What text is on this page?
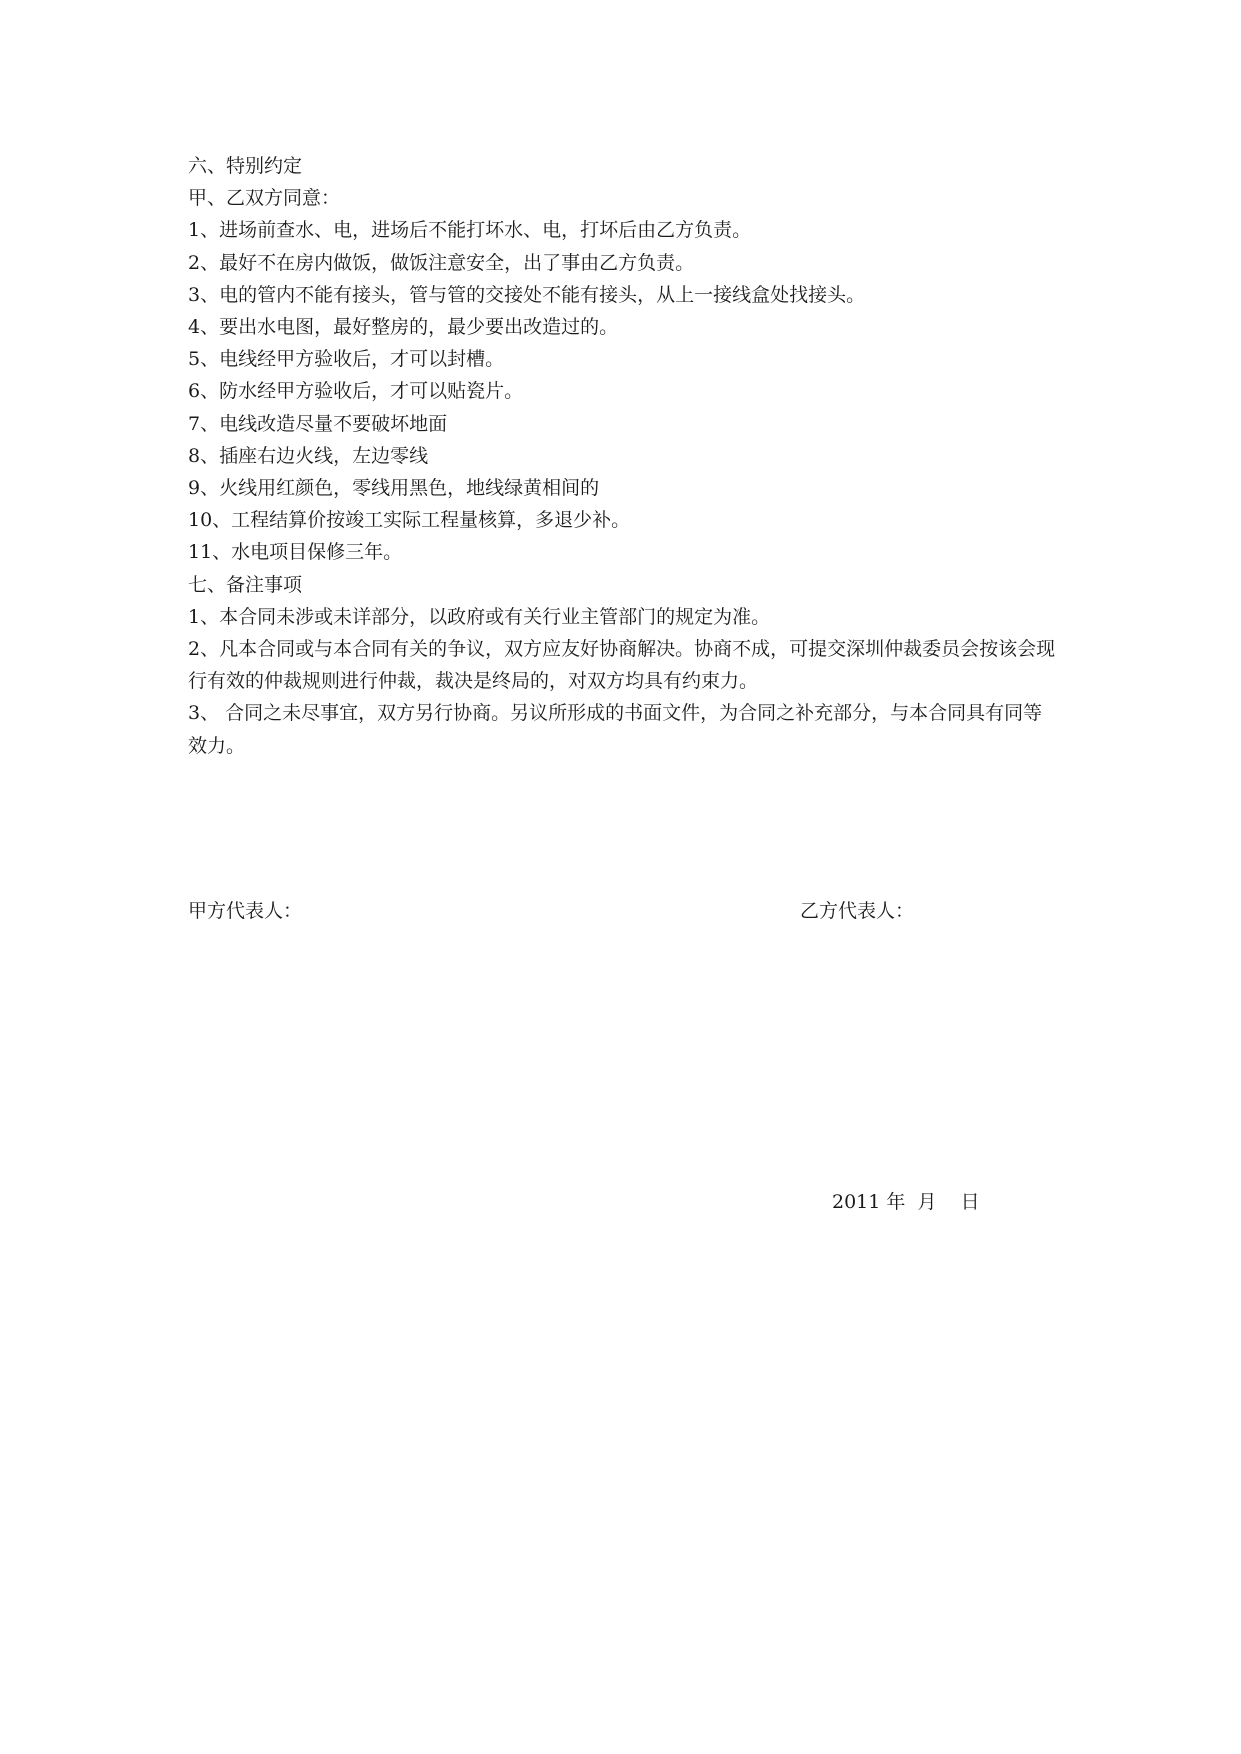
六、特别约定
甲、乙双方同意：
1、进场前查水、电，进场后不能打坏水、电，打坏后由乙方负责。
2、最好不在房内做饭，做饭注意安全，出了事由乙方负责。
3、电的管内不能有接头，管与管的交接处不能有接头，从上一接线盒处找接头。
4、要出水电图，最好整房的，最少要出改造过的。
5、电线经甲方验收后，才可以封槽。
6、防水经甲方验收后，才可以贴瓷片。
7、电线改造尽量不要破坏地面
8、插座右边火线，左边零线
9、火线用红颜色，零线用黑色，地线绿黄相间的
10、工程结算价按竣工实际工程量核算，多退少补。
11、水电项目保修三年。
七、备注事项
1、本合同未涉或未详部分，以政府或有关行业主管部门的规定为准。
2、凡本合同或与本合同有关的争议，双方应友好协商解决。协商不成，可提交深圳仲裁委员会按该会现行有效的仲裁规则进行仲裁，裁决是终局的，对双方均具有约束力。
3、 合同之未尽事宜，双方另行协商。另议所形成的书面文件，为合同之补充部分，与本合同具有同等效力。
甲方代表人：	乙方代表人：
2011 年  月    日
